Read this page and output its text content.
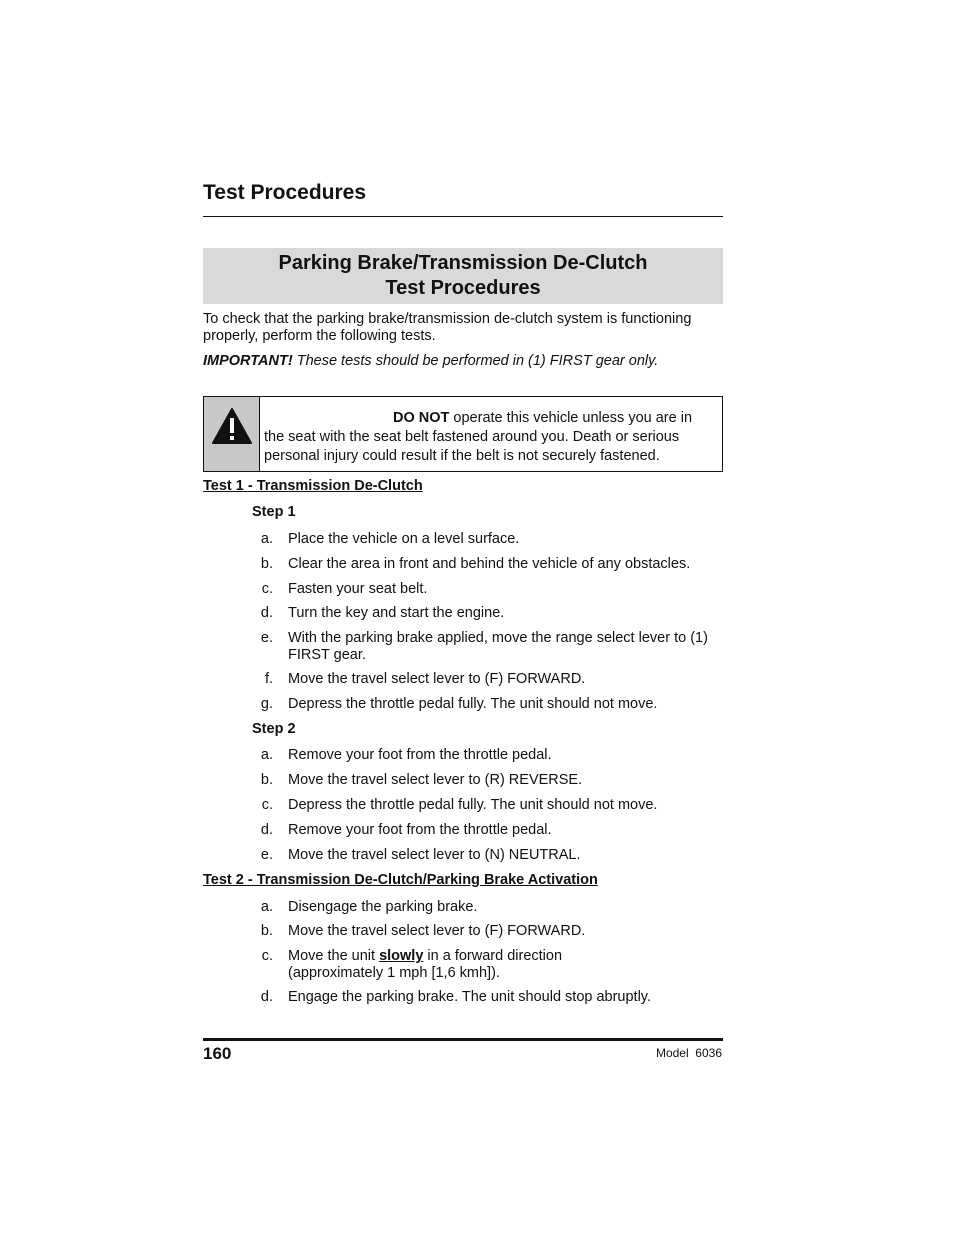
Test Procedures
Parking Brake/Transmission De-Clutch
Test Procedures
To check that the parking brake/transmission de-clutch system is functioning properly, perform the following tests.
IMPORTANT! These tests should be performed in (1) FIRST gear only.
DO NOT operate this vehicle unless you are in the seat with the seat belt fastened around you. Death or serious personal injury could result if the belt is not securely fastened.
Test 1 - Transmission De-Clutch
Step 1
a. Place the vehicle on a level surface.
b. Clear the area in front and behind the vehicle of any obstacles.
c. Fasten your seat belt.
d. Turn the key and start the engine.
e. With the parking brake applied, move the range select lever to (1) FIRST gear.
f. Move the travel select lever to (F) FORWARD.
g. Depress the throttle pedal fully. The unit should not move.
Step 2
a. Remove your foot from the throttle pedal.
b. Move the travel select lever to (R) REVERSE.
c. Depress the throttle pedal fully. The unit should not move.
d. Remove your foot from the throttle pedal.
e. Move the travel select lever to (N) NEUTRAL.
Test 2 - Transmission De-Clutch/Parking Brake Activation
a. Disengage the parking brake.
b. Move the travel select lever to (F) FORWARD.
c. Move the unit slowly in a forward direction (approximately 1 mph [1,6 kmh]).
d. Engage the parking brake. The unit should stop abruptly.
160	Model  6036
